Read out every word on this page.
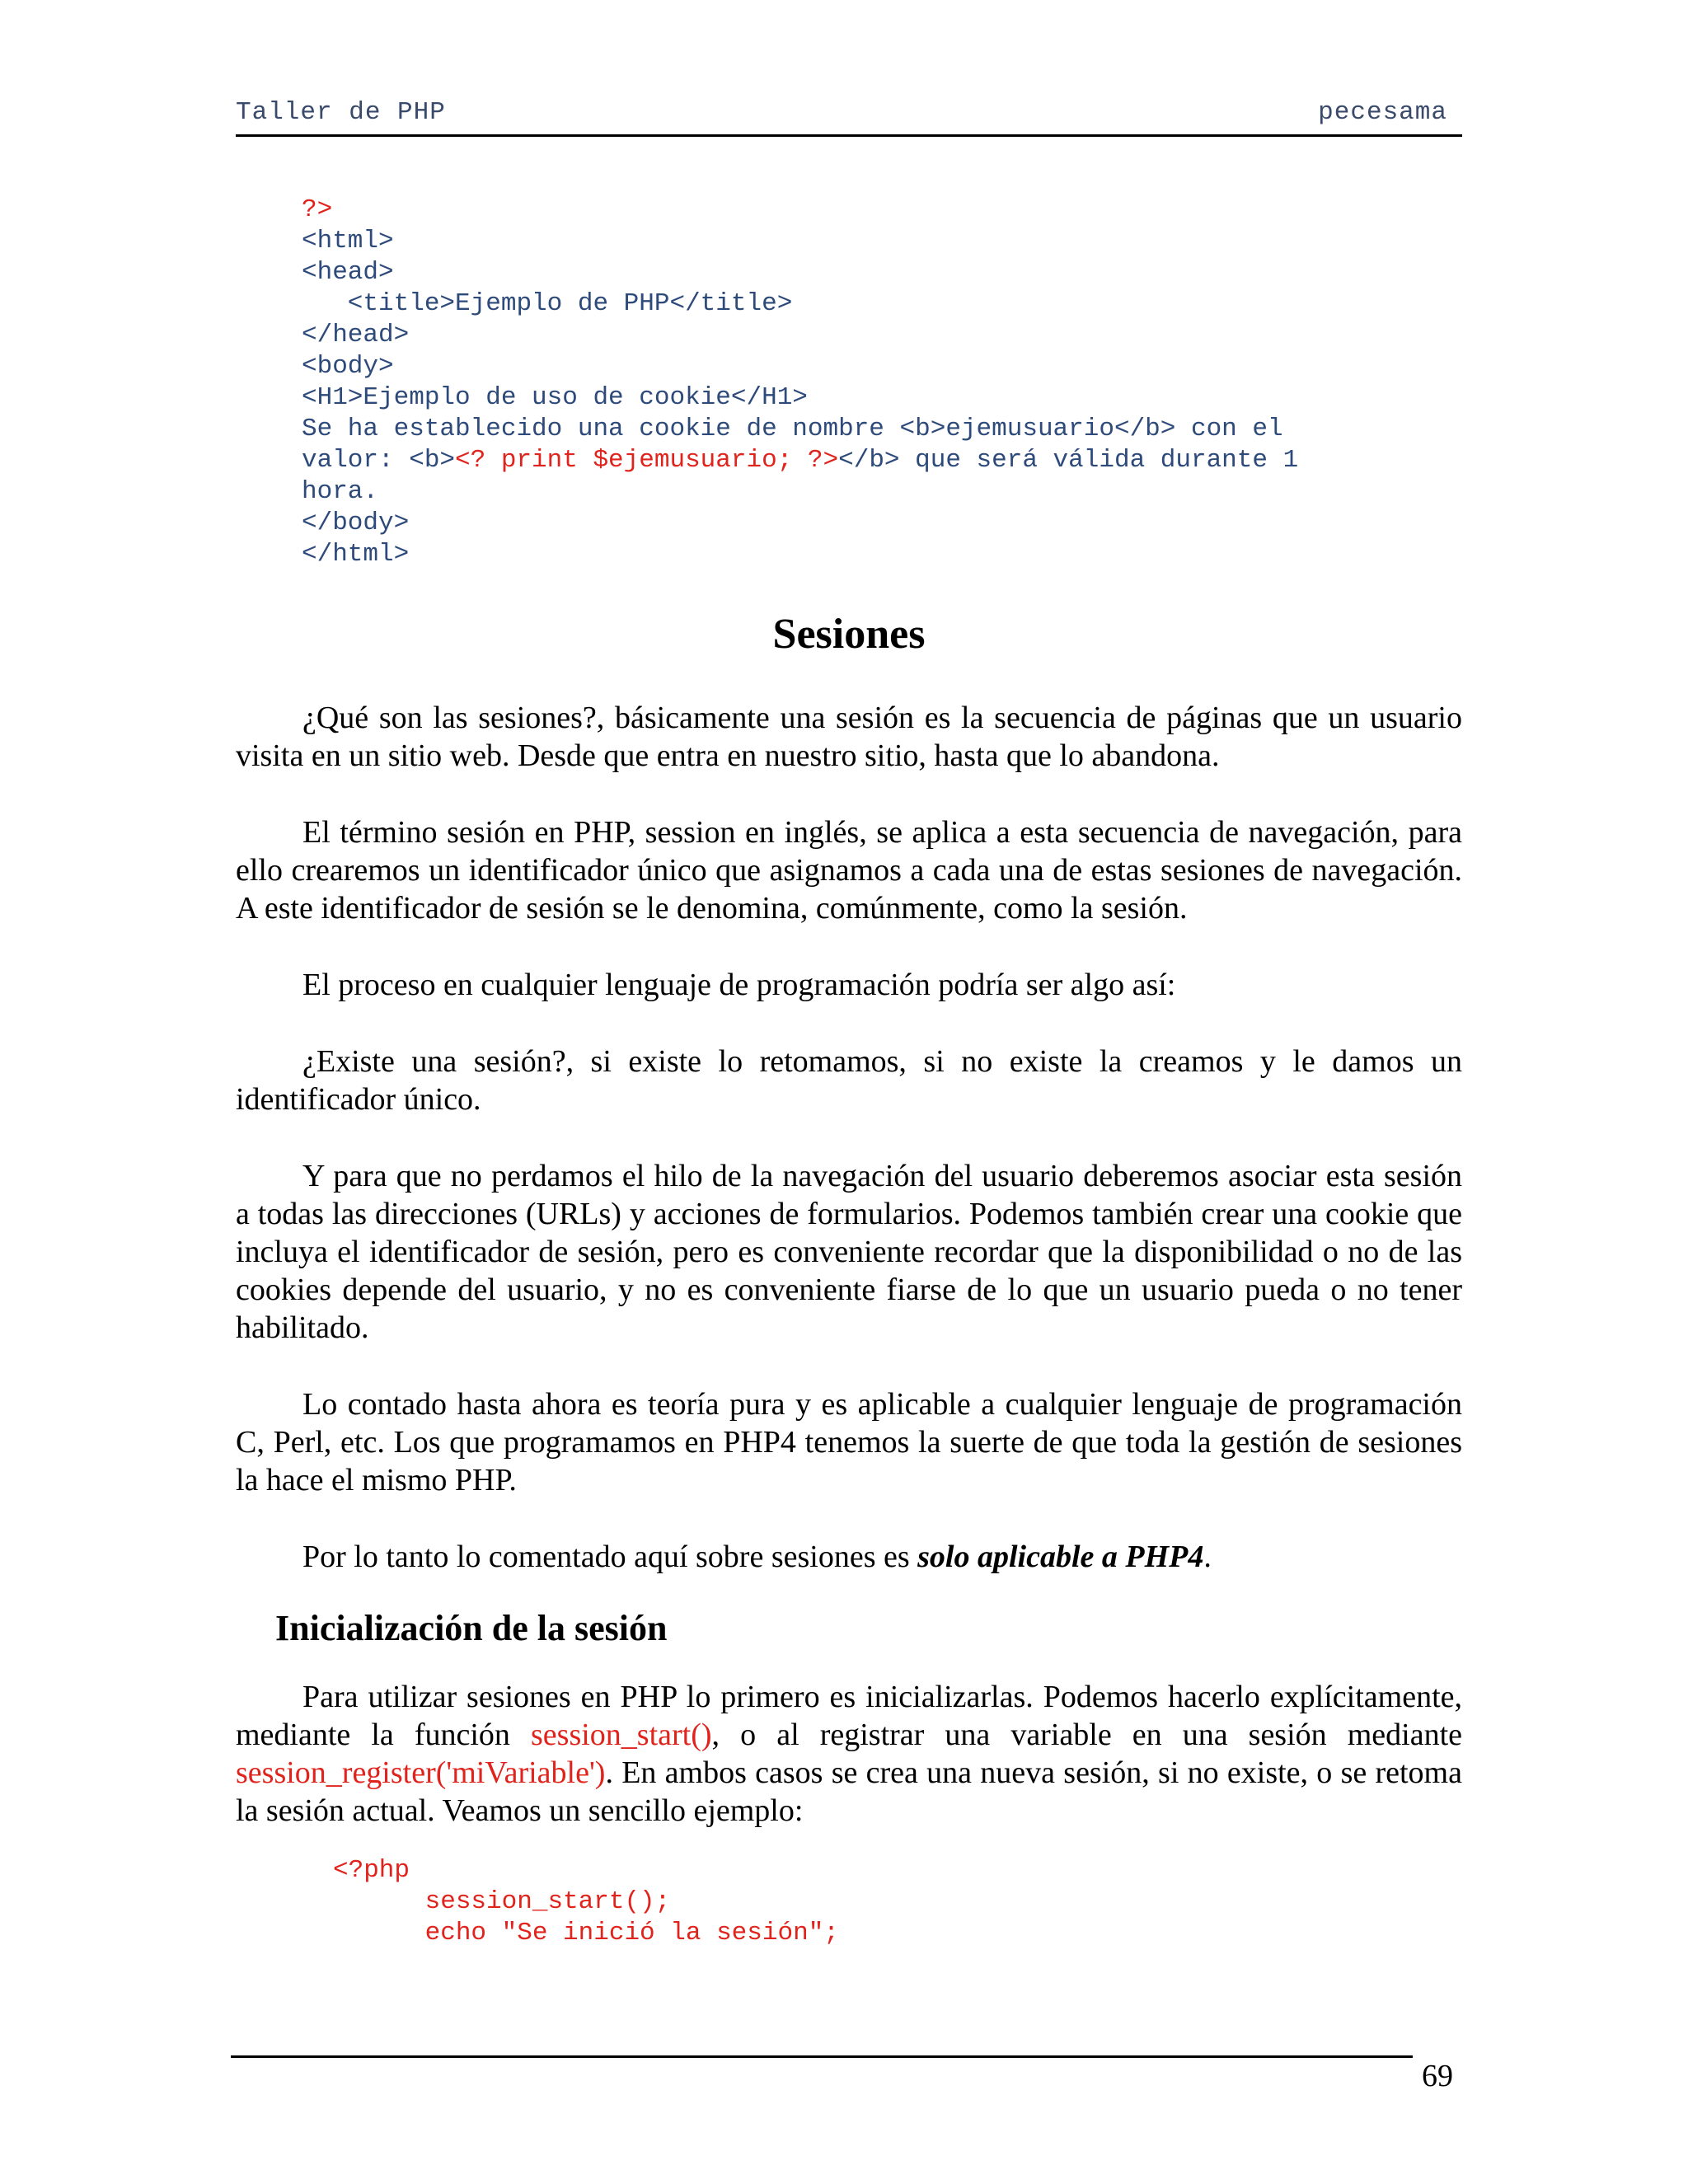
Taller de PHP	pecesama
?>
<html>
<head>
<title>Ejemplo de PHP</title>
</head>
<body>
<H1>Ejemplo de uso de cookie</H1>
Se ha establecido una cookie de nombre <b>ejemusuario</b> con el
valor: <b><? print $ejemusuario; ?></b> que será válida durante 1
hora.
</body>
</html>
Sesiones

¿Qué son las sesiones?, básicamente una sesión es la secuencia de páginas que un usuario visita en un sitio web. Desde que entra en nuestro sitio, hasta que lo abandona.

El término sesión en PHP, session en inglés, se aplica a esta secuencia de navegación, para ello crearemos un identificador único que asignamos a cada una de estas sesiones de navegación. A este identificador de sesión se le denomina, comúnmente, como la sesión.

El proceso en cualquier lenguaje de programación podría ser algo así:

¿Existe una sesión?, si existe lo retomamos, si no existe la creamos y le damos un identificador único.

Y para que no perdamos el hilo de la navegación del usuario deberemos asociar esta sesión a todas las direcciones (URLs) y acciones de formularios. Podemos también crear una cookie que incluya el identificador de sesión, pero es conveniente recordar que la disponibilidad o no de las cookies depende del usuario, y no es conveniente fiarse de lo que un usuario pueda o no tener habilitado.

Lo contado hasta ahora es teoría pura y es aplicable a cualquier lenguaje de programación C, Perl, etc. Los que programamos en PHP4 tenemos la suerte de que toda la gestión de sesiones la hace el mismo PHP.

Por lo tanto lo comentado aquí sobre sesiones es solo aplicable a PHP4.

Inicialización de la sesión

Para utilizar sesiones en PHP lo primero es inicializarlas. Podemos hacerlo explícitamente, mediante la función session_start(), o al registrar una variable en una sesión mediante session_register('miVariable'). En ambos casos se crea una nueva sesión, si no existe, o se retoma la sesión actual. Veamos un sencillo ejemplo:

<?php
session_start();
echo "Se inició la sesión";
69
